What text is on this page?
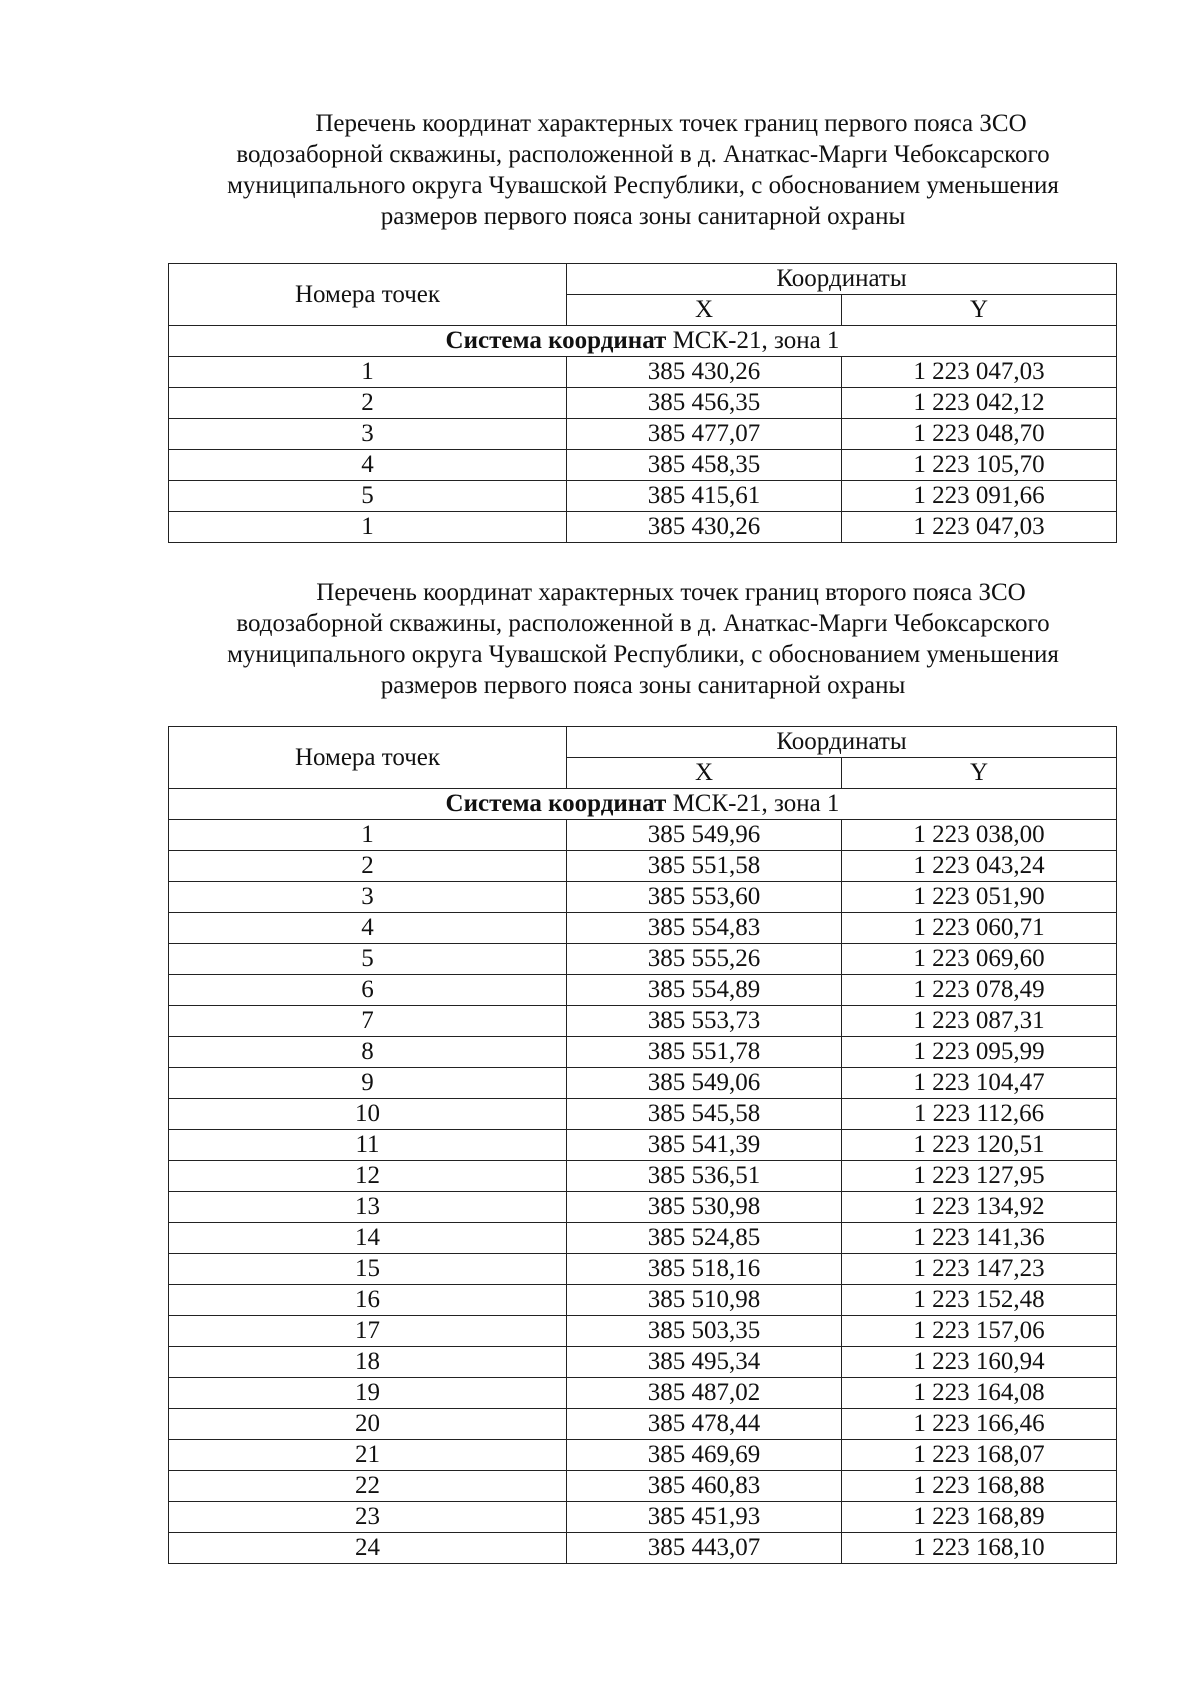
Перечень координат характерных точек границ первого пояса ЗСО
водозаборной скважины, расположенной в д. Анаткас-Марги Чебоксарского
муниципального округа Чувашской Республики, с обоснованием уменьшения
размеров первого пояса зоны санитарной охраны
Номера точек	Координаты	
	X	Y
Система координат МСК-21, зона 1		
1	385 430,26	1 223 047,03
2	385 456,35	1 223 042,12
3	385 477,07	1 223 048,70
4	385 458,35	1 223 105,70
5	385 415,61	1 223 091,66
1	385 430,26	1 223 047,03
Перечень координат характерных точек границ второго пояса ЗСО
водозаборной скважины, расположенной в д. Анаткас-Марги Чебоксарского
муниципального округа Чувашской Республики, с обоснованием уменьшения
размеров первого пояса зоны санитарной охраны
Номера точек	Координаты	
	X	Y
Система координат МСК-21, зона 1		
1	385 549,96	1 223 038,00
2	385 551,58	1 223 043,24
3	385 553,60	1 223 051,90
4	385 554,83	1 223 060,71
5	385 555,26	1 223 069,60
6	385 554,89	1 223 078,49
7	385 553,73	1 223 087,31
8	385 551,78	1 223 095,99
9	385 549,06	1 223 104,47
10	385 545,58	1 223 112,66
11	385 541,39	1 223 120,51
12	385 536,51	1 223 127,95
13	385 530,98	1 223 134,92
14	385 524,85	1 223 141,36
15	385 518,16	1 223 147,23
16	385 510,98	1 223 152,48
17	385 503,35	1 223 157,06
18	385 495,34	1 223 160,94
19	385 487,02	1 223 164,08
20	385 478,44	1 223 166,46
21	385 469,69	1 223 168,07
22	385 460,83	1 223 168,88
23	385 451,93	1 223 168,89
24	385 443,07	1 223 168,10
